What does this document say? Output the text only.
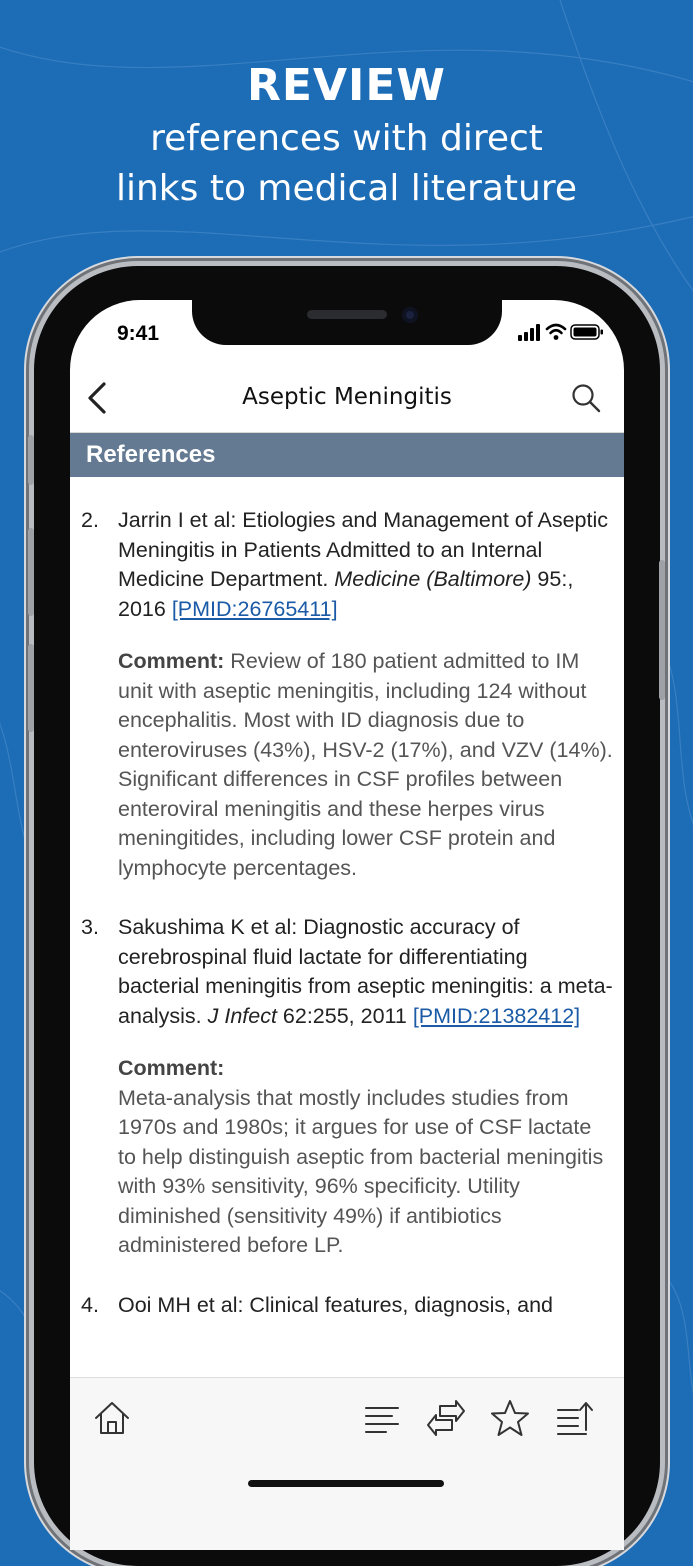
REVIEW
references with direct
links to medical literature
9:41
Aseptic Meningitis
References
2. Jarrin I et al: Etiologies and Management of Aseptic Meningitis in Patients Admitted to an Internal Medicine Department. Medicine (Baltimore) 95:, 2016 [PMID:26765411]
Comment: Review of 180 patient admitted to IM unit with aseptic meningitis, including 124 without encephalitis. Most with ID diagnosis due to enteroviruses (43%), HSV-2 (17%), and VZV (14%). Significant differences in CSF profiles between enteroviral meningitis and these herpes virus meningitides, including lower CSF protein and lymphocyte percentages.
3. Sakushima K et al: Diagnostic accuracy of cerebrospinal fluid lactate for differentiating bacterial meningitis from aseptic meningitis: a meta-analysis. J Infect 62:255, 2011 [PMID:21382412]
Comment:
Meta-analysis that mostly includes studies from 1970s and 1980s; it argues for use of CSF lactate to help distinguish aseptic from bacterial meningitis with 93% sensitivity, 96% specificity. Utility diminished (sensitivity 49%) if antibiotics administered before LP.
4. Ooi MH et al: Clinical features, diagnosis, and
